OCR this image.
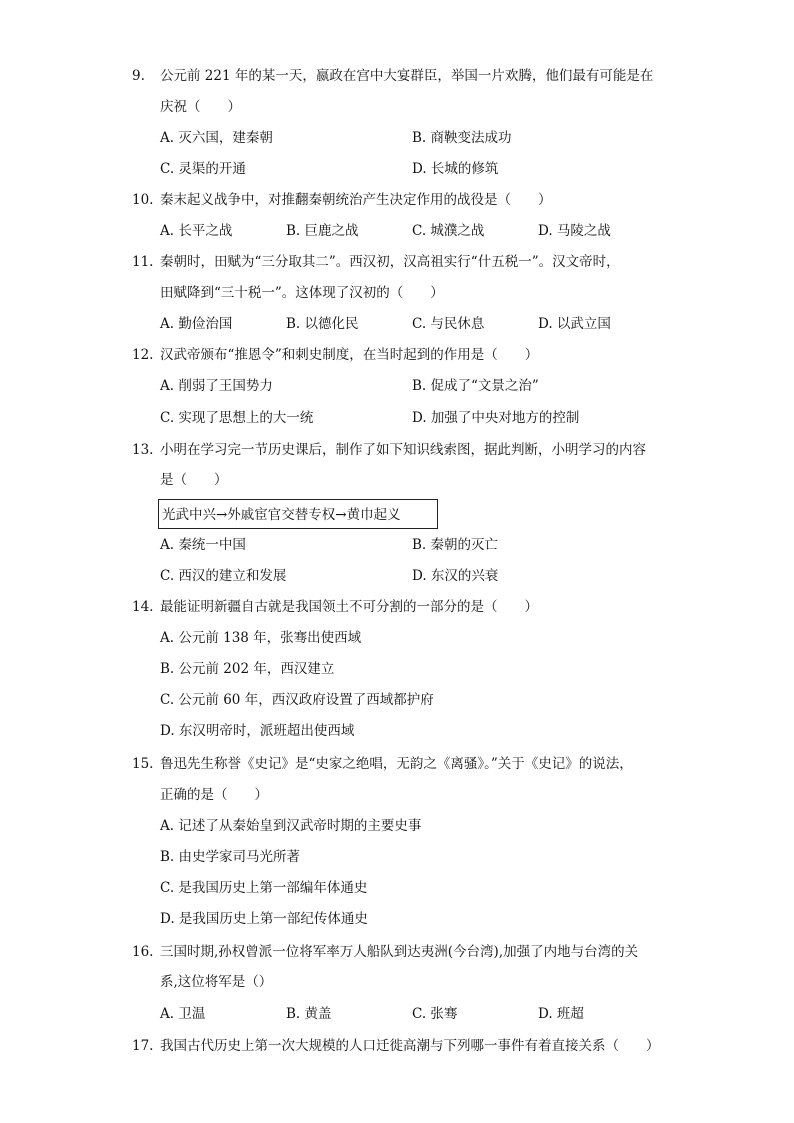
9.	公元前 221 年的某一天，嬴政在宫中大宴群臣，举国一片欢腾，他们最有可能是在
庆祝（　　）
A. 灭六国，建秦朝	B. 商鞅变法成功
C. 灵渠的开通	D. 长城的修筑
10. 秦末起义战争中，对推翻秦朝统治产生决定作用的战役是（　　）
A. 长平之战	B. 巨鹿之战	C. 城濮之战	D. 马陵之战
11. 秦朝时，田赋为“三分取其二”。西汉初，汉高祖实行“什五税一”。汉文帝时，
田赋降到“三十税一”。这体现了汉初的（　　）
A. 勤俭治国	B. 以德化民	C. 与民休息	D. 以武立国
12. 汉武帝颁布“推恩令”和刺史制度，在当时起到的作用是（　　）
A. 削弱了王国势力	B. 促成了“文景之治”
C. 实现了思想上的大一统	D. 加强了中央对地方的控制
13. 小明在学习完一节历史课后，制作了如下知识线索图，据此判断，小明学习的内容
是（　　）
光武中兴→外戚宦官交替专权→黄巾起义
A. 秦统一中国	B. 秦朝的灭亡
C. 西汉的建立和发展	D. 东汉的兴衰
14. 最能证明新疆自古就是我国领土不可分割的一部分的是（　　）
A. 公元前 138 年，张骞出使西域
B. 公元前 202 年，西汉建立
C. 公元前 60 年，西汉政府设置了西域都护府
D. 东汉明帝时，派班超出使西域
15. 鲁迅先生称誉《史记》是“史家之绝唱，无韵之《离骚》。”关于《史记》的说法，
正确的是（　　）
A. 记述了从秦始皇到汉武帝时期的主要史事
B. 由史学家司马光所著
C. 是我国历史上第一部编年体通史
D. 是我国历史上第一部纪传体通史
16. 三国时期,孙权曾派一位将军率万人船队到达夷洲(今台湾),加强了内地与台湾的关
系,这位将军是（）
A. 卫温	B. 黄盖	C. 张骞	D. 班超
17. 我国古代历史上第一次大规模的人口迁徙高潮与下列哪一事件有着直接关系（　　）
